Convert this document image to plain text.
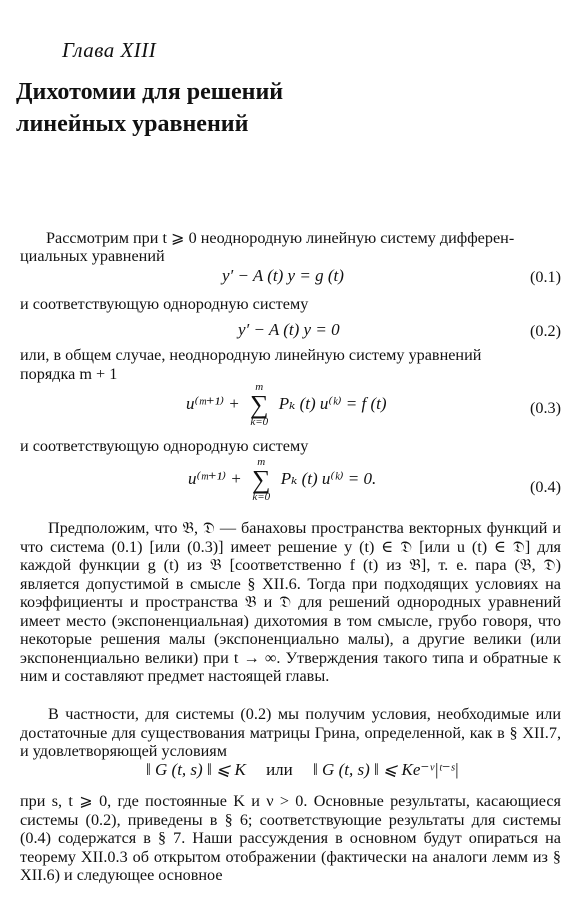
Глава XIII
Дихотомии для решений
линейных уравнений
Рассмотрим при t ⩾ 0 неоднородную линейную систему дифферен-
циальных уравнений
y′ − A (t) y = g (t)	(0.1)
и соответствующую однородную систему
y′ − A (t) y = 0	(0.2)
или, в общем случае, неоднородную линейную систему уравнений
порядка m + 1
u⁽ᵐ⁺¹⁾ +
m
∑
k=0
Pₖ (t) u⁽ᵏ⁾ = f (t)	(0.3)
и соответствующую однородную систему
u⁽ᵐ⁺¹⁾ +
m
∑
k=0
Pₖ (t) u⁽ᵏ⁾ = 0.	(0.4)
Предположим, что 𝔅, 𝔇 — банаховы пространства векторных функций и что система (0.1) [или (0.3)] имеет решение y (t) ∈ 𝔇 [или u (t) ∈ 𝔇] для каждой функции g (t) из 𝔅 [соответственно f (t) из 𝔅], т. е. пара (𝔅, 𝔇) является допустимой в смысле § XII.6. Тогда при подходящих условиях на коэффициенты и пространства 𝔅 и 𝔇 для решений однородных уравнений имеет место (экспоненциальная) дихотомия в том смысле, грубо говоря, что некоторые решения малы (экспоненциально малы), а другие велики (или экспоненциально велики) при t → ∞. Утверждения такого типа и обратные к ним и составляют предмет настоящей главы.
В частности, для системы (0.2) мы получим условия, необходимые или достаточные для существования матрицы Грина, определенной, как в § XII.7, и удовлетворяющей условиям
‖ G (t, s) ‖ ⩽ K или ‖ G (t, s) ‖ ⩽ Ke⁻ᵛ|ᵗ⁻ˢ|
при s, t ⩾ 0, где постоянные K и ν > 0. Основные результаты, касающиеся системы (0.2), приведены в § 6; соответствующие результаты для системы (0.4) содержатся в § 7. Наши рассуждения в основном будут опираться на теорему XII.0.3 об открытом отображении (фактически на аналоги лемм из § XII.6) и следующее основное
